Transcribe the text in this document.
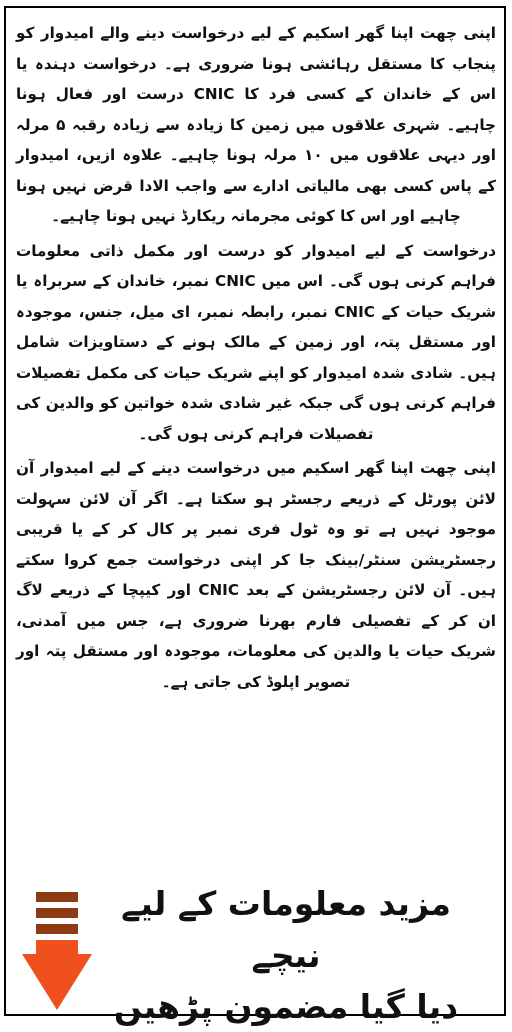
اپنی چھت اپنا گھر اسکیم کے لیے درخواست دینے والے امیدوار کو پنجاب کا مستقل رہائشی ہونا ضروری ہے۔ درخواست دہندہ یا اس کے خاندان کے کسی فرد کا CNIC درست اور فعال ہونا چاہیے۔ شہری علاقوں میں زمین کا زیادہ سے زیادہ رقبہ ۵ مرلہ اور دیہی علاقوں میں ۱۰ مرلہ ہونا چاہیے۔ علاوہ ازیں، امیدوار کے پاس کسی بھی مالیاتی ادارے سے واجب الادا قرض نہیں ہونا چاہیے اور اس کا کوئی مجرمانہ ریکارڈ نہیں ہونا چاہیے۔

درخواست کے لیے امیدوار کو درست اور مکمل ذاتی معلومات فراہم کرنی ہوں گی۔ اس میں CNIC نمبر، خاندان کے سربراہ یا شریک حیات کے CNIC نمبر، رابطہ نمبر، ای میل، جنس، موجودہ اور مستقل پتہ، اور زمین کے مالک ہونے کے دستاویزات شامل ہیں۔ شادی شدہ امیدوار کو اپنے شریک حیات کی مکمل تفصیلات فراہم کرنی ہوں گی جبکہ غیر شادی شدہ خواتین کو والدین کی تفصیلات فراہم کرنی ہوں گی۔

اپنی چھت اپنا گھر اسکیم میں درخواست دینے کے لیے امیدوار آن لائن پورٹل کے ذریعے رجسٹر ہو سکتا ہے۔ اگر آن لائن سہولت موجود نہیں ہے تو وہ ٹول فری نمبر پر کال کر کے یا قریبی رجسٹریشن سنٹر/بینک جا کر اپنی درخواست جمع کروا سکتے ہیں۔ آن لائن رجسٹریشن کے بعد CNIC اور کیپچا کے ذریعے لاگ ان کر کے تفصیلی فارم بھرنا ضروری ہے، جس میں آمدنی، شریک حیات یا والدین کی معلومات، موجودہ اور مستقل پتہ اور تصویر اپلوڈ کی جاتی ہے۔

مزید معلومات کے لیے نیچے
دیا گیا مضمون پڑھیں
